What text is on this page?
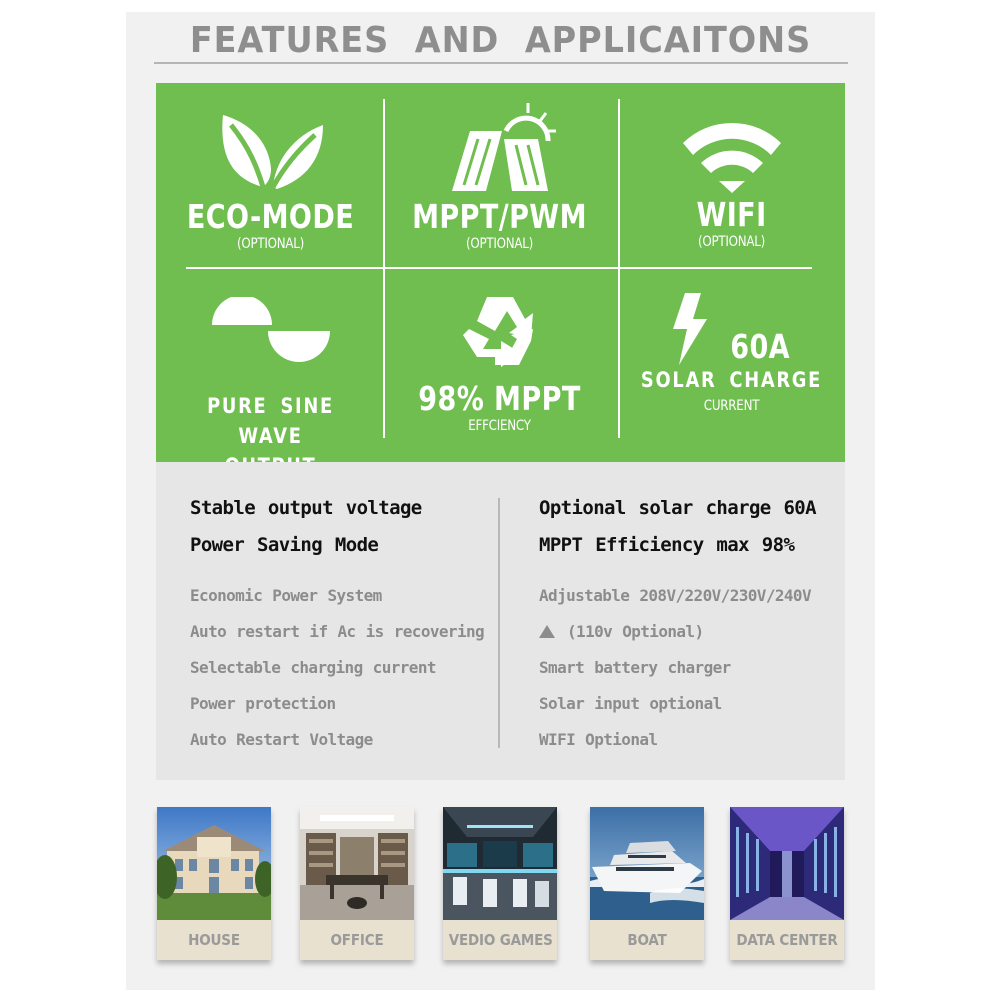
FEATURES AND APPLICAITONS
ECO-MODE
(OPTIONAL)
MPPT/PWM
(OPTIONAL)
WIFI
(OPTIONAL)
PURE SINE WAVE
98% MPPT
EFFCIENCY
60A
SOLAR CHARGE
CURRENT
Stable output voltage
Power Saving Mode
Economic Power System
Auto restart if Ac is recovering
Selectable charging current
Power protection
Auto Restart Voltage
Optional solar charge 60A
MPPT Efficiency max 98%
Adjustable 208V/220V/230V/240V
(110v Optional)
Smart battery charger
Solar input optional
WIFI Optional
HOUSE	OFFICE	VEDIO GAMES	BOAT	DATA CENTER
